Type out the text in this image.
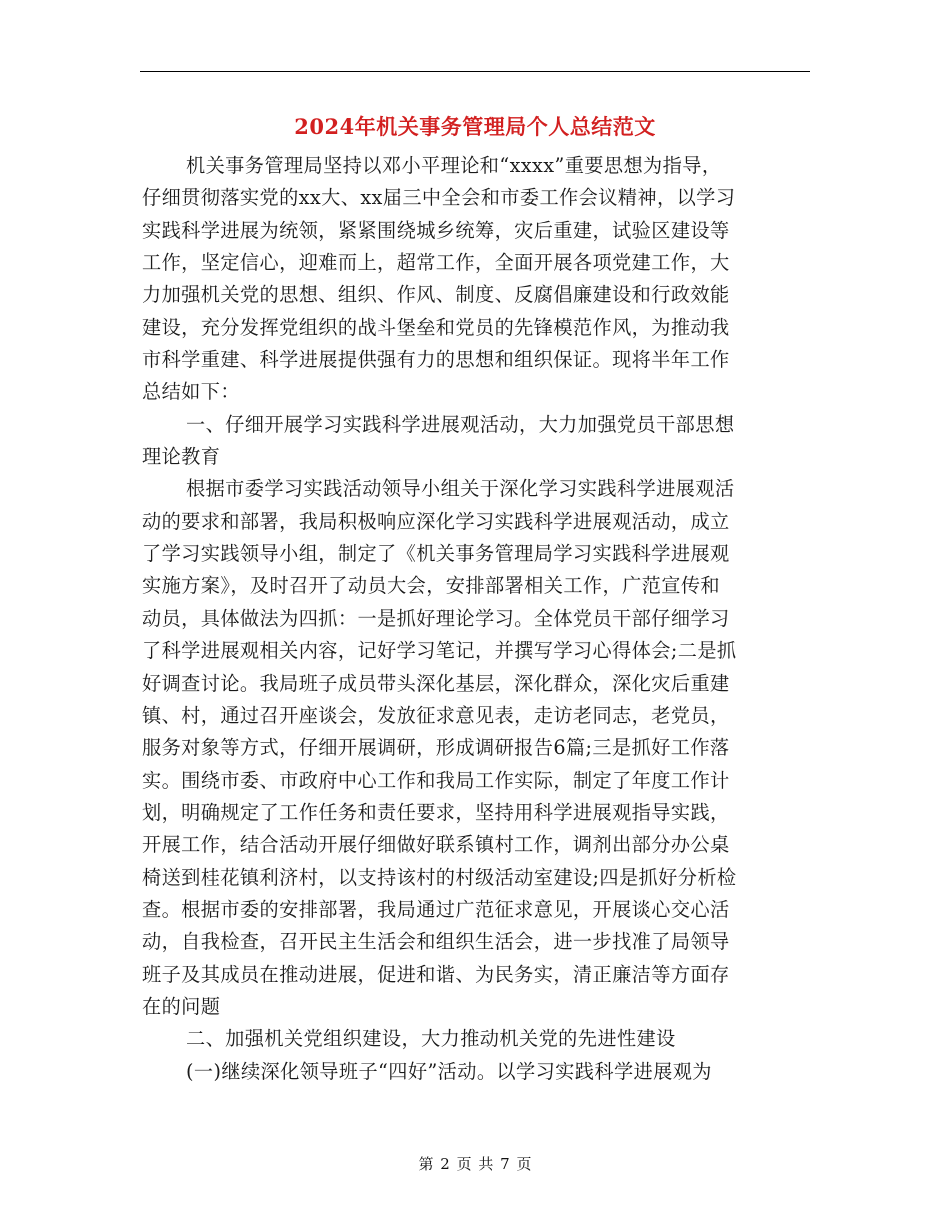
2024年机关事务管理局个人总结范文
机关事务管理局坚持以邓小平理论和“xxxx”重要思想为指导，
仔细贯彻落实党的xx大、xx届三中全会和市委工作会议精神，以学习
实践科学进展为统领，紧紧围绕城乡统筹，灾后重建，试验区建设等
工作，坚定信心，迎难而上，超常工作，全面开展各项党建工作，大
力加强机关党的思想、组织、作风、制度、反腐倡廉建设和行政效能
建设，充分发挥党组织的战斗堡垒和党员的先锋模范作风，为推动我
市科学重建、科学进展提供强有力的思想和组织保证。现将半年工作
总结如下：
一、仔细开展学习实践科学进展观活动，大力加强党员干部思想
理论教育
根据市委学习实践活动领导小组关于深化学习实践科学进展观活
动的要求和部署，我局积极响应深化学习实践科学进展观活动，成立
了学习实践领导小组，制定了《机关事务管理局学习实践科学进展观
实施方案》，及时召开了动员大会，安排部署相关工作，广范宣传和
动员，具体做法为四抓：一是抓好理论学习。全体党员干部仔细学习
了科学进展观相关内容，记好学习笔记，并撰写学习心得体会;二是抓
好调查讨论。我局班子成员带头深化基层，深化群众，深化灾后重建
镇、村，通过召开座谈会，发放征求意见表，走访老同志，老党员，
服务对象等方式，仔细开展调研，形成调研报告6篇;三是抓好工作落
实。围绕市委、市政府中心工作和我局工作实际，制定了年度工作计
划，明确规定了工作任务和责任要求，坚持用科学进展观指导实践，
开展工作，结合活动开展仔细做好联系镇村工作，调剂出部分办公桌
椅送到桂花镇利济村，以支持该村的村级活动室建设;四是抓好分析检
查。根据市委的安排部署，我局通过广范征求意见，开展谈心交心活
动，自我检查，召开民主生活会和组织生活会，进一步找准了局领导
班子及其成员在推动进展，促进和谐、为民务实，清正廉洁等方面存
在的问题
二、加强机关党组织建设，大力推动机关党的先进性建设
(一)继续深化领导班子“四好”活动。以学习实践科学进展观为
第 2 页 共 7 页
